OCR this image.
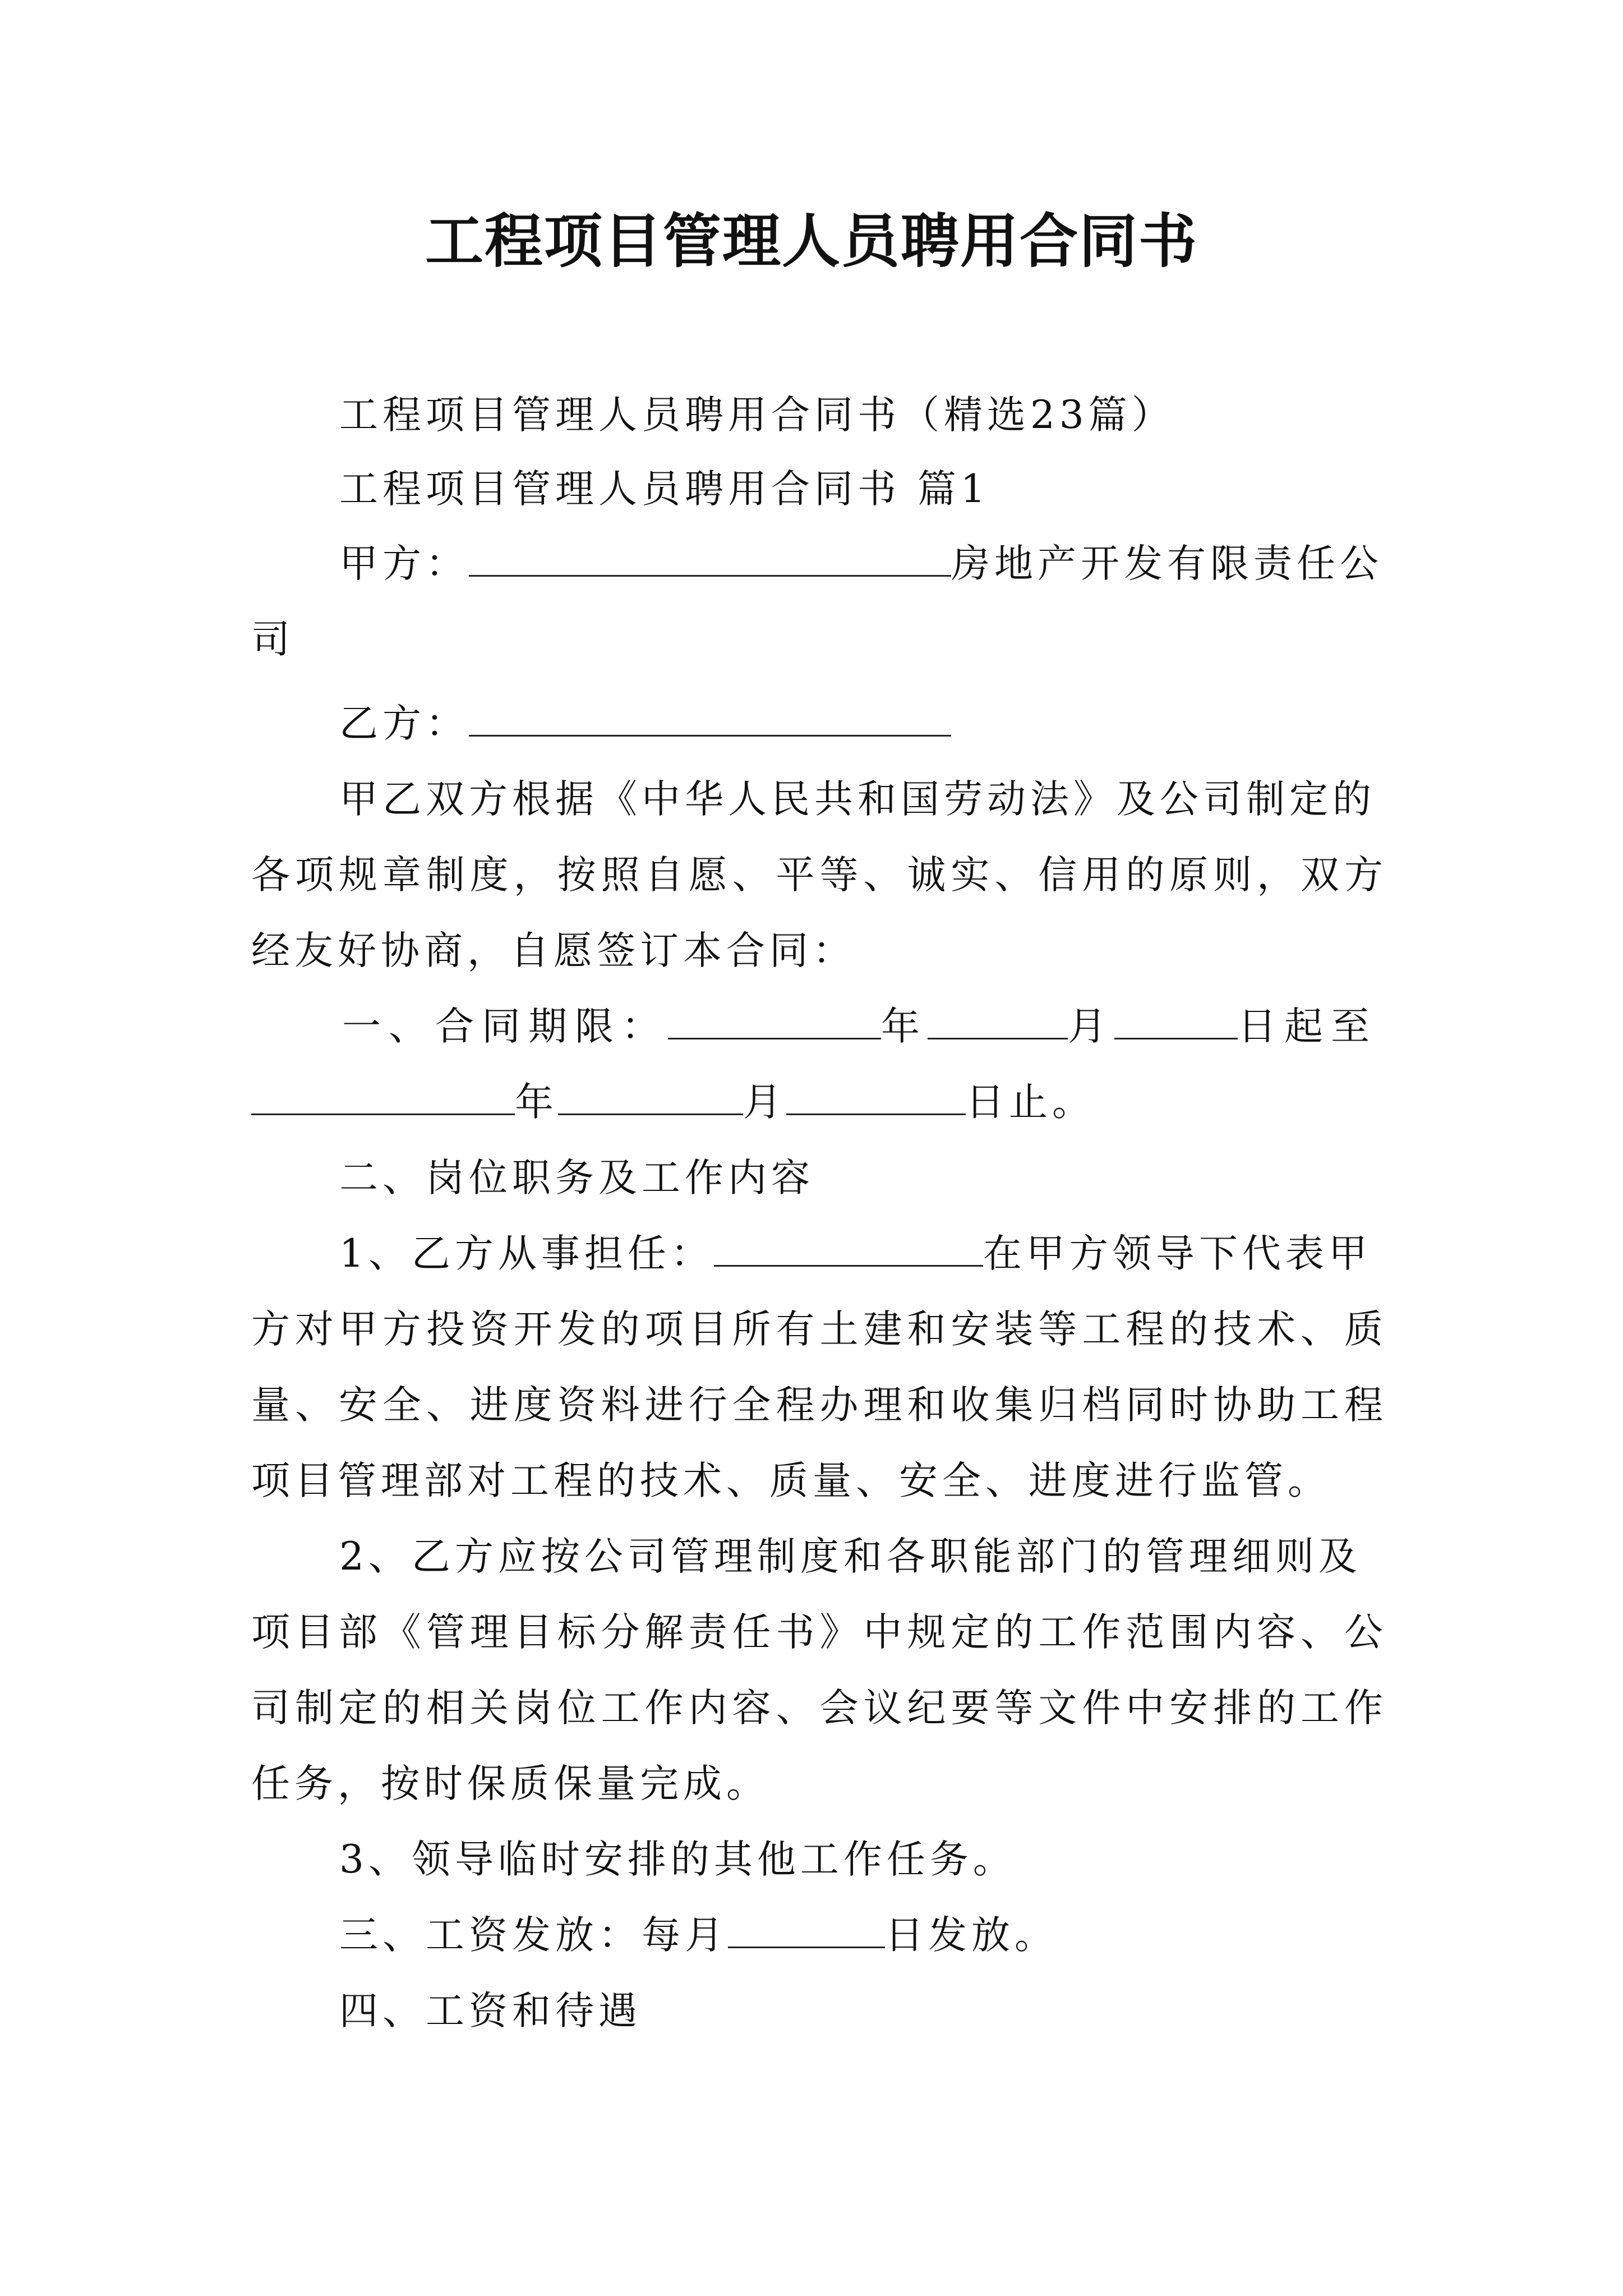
工程项目管理人员聘用合同书
工程项目管理人员聘用合同书（精选23篇）
工程项目管理人员聘用合同书 篇1
甲方：	房地产开发有限责任公
司
乙方：
甲乙双方根据《中华人民共和国劳动法》及公司制定的
各项规章制度，按照自愿、平等、诚实、信用的原则，双方
经友好协商，自愿签订本合同：
一、合同期限：	年	月	日起至
年	月	日止。
二、岗位职务及工作内容
1、乙方从事担任：	在甲方领导下代表甲
方对甲方投资开发的项目所有土建和安装等工程的技术、质
量、安全、进度资料进行全程办理和收集归档同时协助工程
项目管理部对工程的技术、质量、安全、进度进行监管。
2、乙方应按公司管理制度和各职能部门的管理细则及
项目部《管理目标分解责任书》中规定的工作范围内容、公
司制定的相关岗位工作内容、会议纪要等文件中安排的工作
任务，按时保质保量完成。
3、领导临时安排的其他工作任务。
三、工资发放：每月	日发放。
四、工资和待遇
